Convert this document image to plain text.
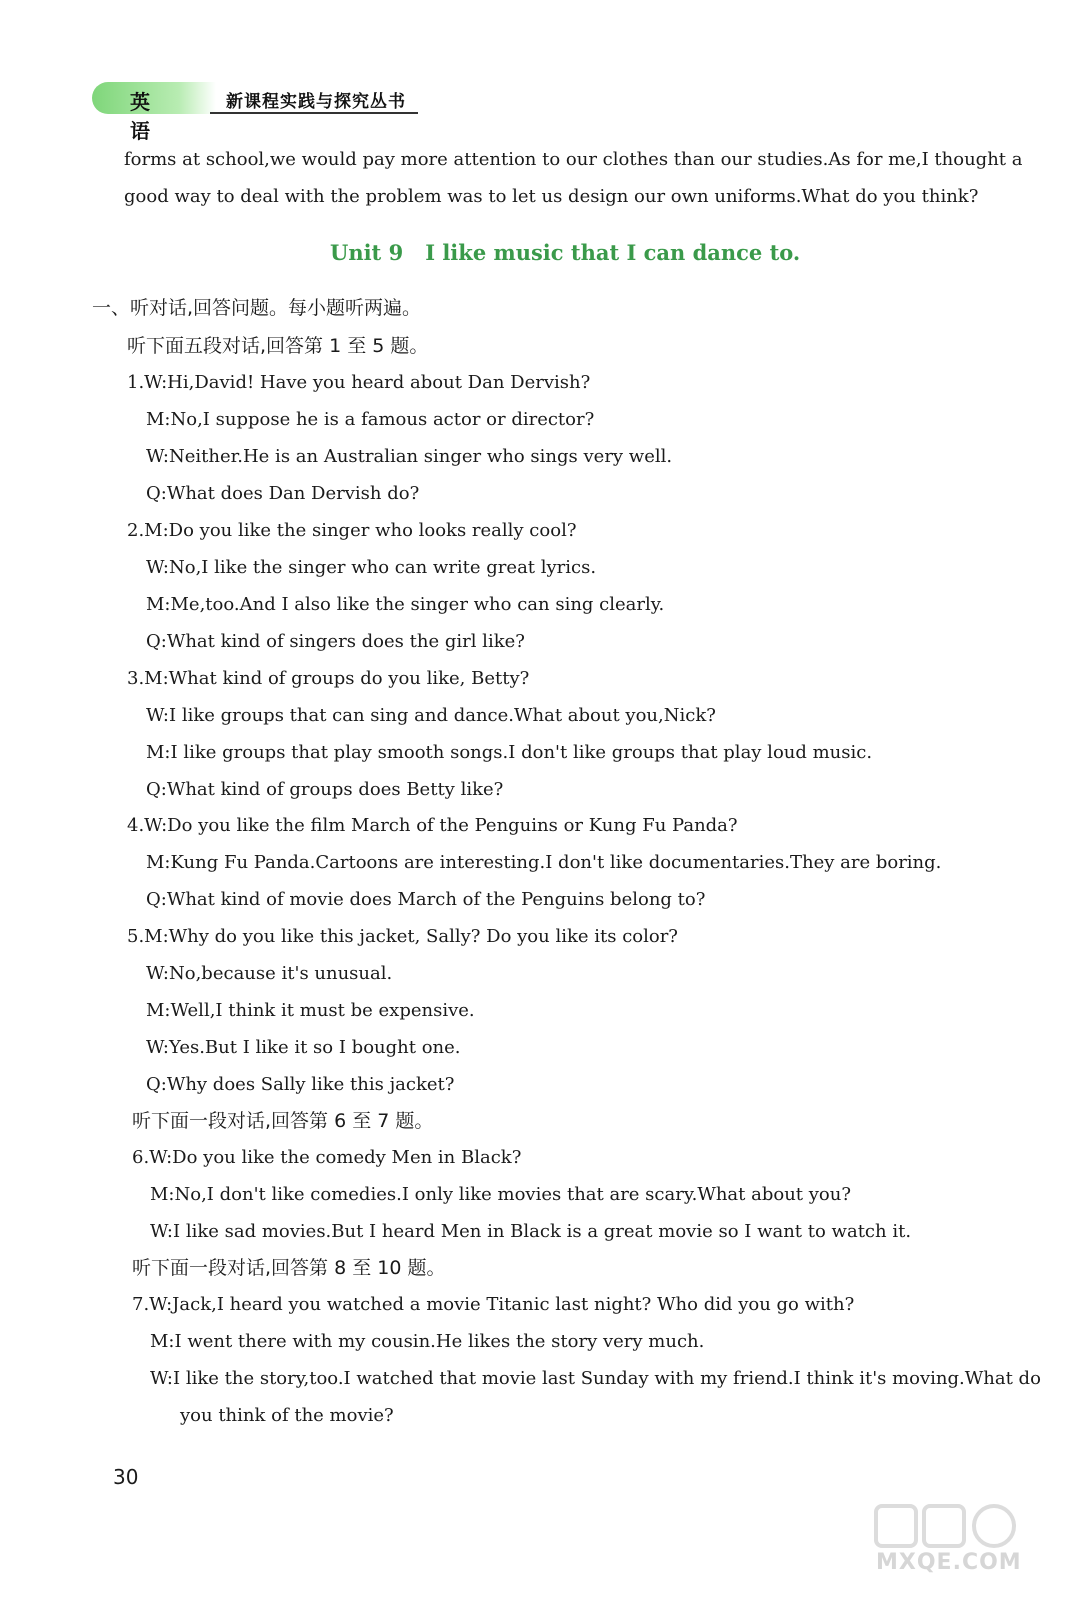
英语
新课程实践与探究丛书
forms at school,we would pay more attention to our clothes than our studies.As for me,I thought a
good way to deal with the problem was to let us design our own uniforms.What do you think?
Unit 9 I like music that I can dance to.
一、听对话,回答问题。每小题听两遍。
听下面五段对话,回答第 1 至 5 题。
1.W:Hi,David! Have you heard about Dan Dervish?
M:No,I suppose he is a famous actor or director?
W:Neither.He is an Australian singer who sings very well.
Q:What does Dan Dervish do?
2.M:Do you like the singer who looks really cool?
W:No,I like the singer who can write great lyrics.
M:Me,too.And I also like the singer who can sing clearly.
Q:What kind of singers does the girl like?
3.M:What kind of groups do you like, Betty?
W:I like groups that can sing and dance.What about you,Nick?
M:I like groups that play smooth songs.I don't like groups that play loud music.
Q:What kind of groups does Betty like?
4.W:Do you like the film March of the Penguins or Kung Fu Panda?
M:Kung Fu Panda.Cartoons are interesting.I don't like documentaries.They are boring.
Q:What kind of movie does March of the Penguins belong to?
5.M:Why do you like this jacket, Sally? Do you like its color?
W:No,because it's unusual.
M:Well,I think it must be expensive.
W:Yes.But I like it so I bought one.
Q:Why does Sally like this jacket?
听下面一段对话,回答第 6 至 7 题。
6.W:Do you like the comedy Men in Black?
M:No,I don't like comedies.I only like movies that are scary.What about you?
W:I like sad movies.But I heard Men in Black is a great movie so I want to watch it.
听下面一段对话,回答第 8 至 10 题。
7.W:Jack,I heard you watched a movie Titanic last night? Who did you go with?
M:I went there with my cousin.He likes the story very much.
W:I like the story,too.I watched that movie last Sunday with my friend.I think it's moving.What do
you think of the movie?
30
MXQE.COM
